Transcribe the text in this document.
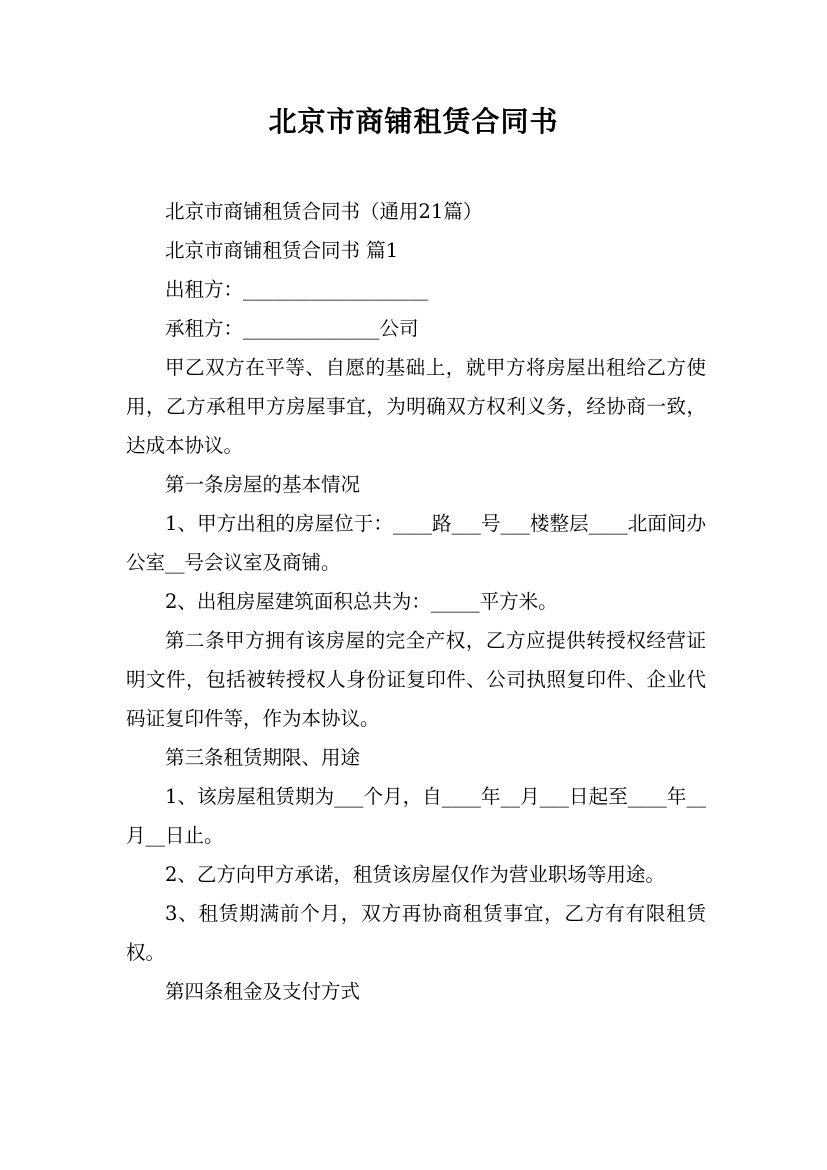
北京市商铺租赁合同书

北京市商铺租赁合同书（通用21篇）

北京市商铺租赁合同书 篇1

出租方：___________________

承租方：______________公司

甲乙双方在平等、自愿的基础上，就甲方将房屋出租给乙方使用，乙方承租甲方房屋事宜，为明确双方权利义务，经协商一致，达成本协议。

第一条房屋的基本情况

1、甲方出租的房屋位于：____路___号___楼整层____北面间办公室__号会议室及商铺。

2、出租房屋建筑面积总共为：_____平方米。

第二条甲方拥有该房屋的完全产权，乙方应提供转授权经营证明文件，包括被转授权人身份证复印件、公司执照复印件、企业代码证复印件等，作为本协议。

第三条租赁期限、用途

1、该房屋租赁期为___个月，自____年__月___日起至____年__月__日止。

2、乙方向甲方承诺，租赁该房屋仅作为营业职场等用途。

3、租赁期满前个月，双方再协商租赁事宜，乙方有有限租赁权。

第四条租金及支付方式
